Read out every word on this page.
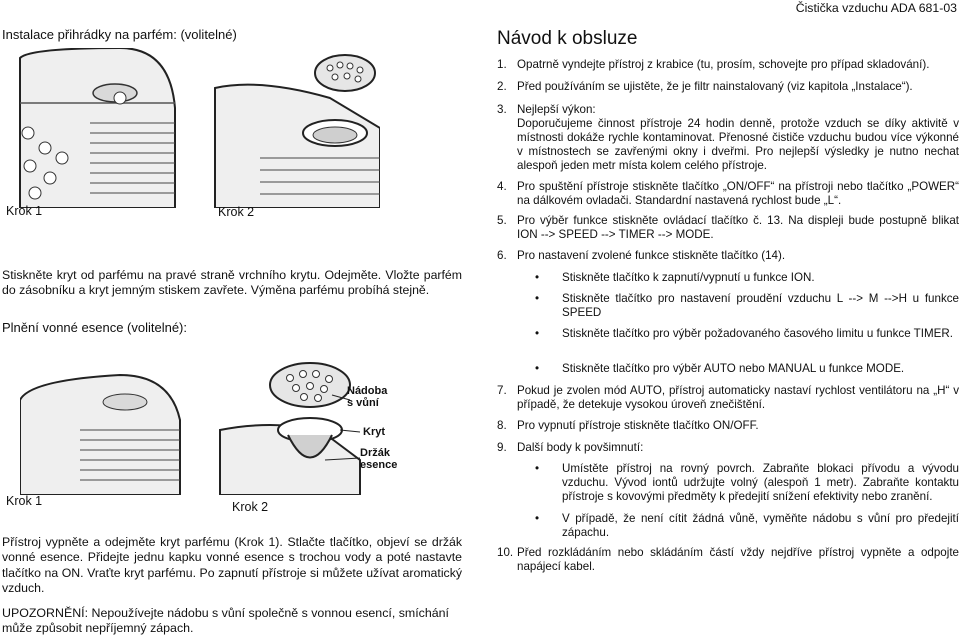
Instalace přihrádky na parfém: (volitelné)
Krok 1	Krok 2
Stiskněte kryt od parfému na pravé straně vrchního krytu. Odejměte. Vložte parfém do zásobníku a kryt jemným stiskem zavřete. Výměna parfému probíhá stejně.
Plnění vonné esence (volitelné):
Nádoba
s vůní
Kryt
Držák
esence
Krok 1	Krok 2
Přístroj vypněte a odejměte kryt parfému (Krok 1). Stlačte tlačítko, objeví se držák vonné esence. Přidejte jednu kapku vonné esence s trochou vody a poté nastavte tlačítko na ON. Vraťte kryt parfému. Po zapnutí přístroje si můžete užívat aromatický vzduch.
UPOZORNĚNÍ: Nepoužívejte nádobu s vůní společně s vonnou esencí, smíchání může způsobit nepříjemný zápach.
Čistička vzduchu ADA 681-03
Návod k obsluze
1. Opatrně vyndejte přístroj z krabice (tu, prosím, schovejte pro případ skladování).
2. Před používáním se ujistěte, že je filtr nainstalovaný (viz kapitola „Instalace“).
3. Nejlepší výkon:
Doporučujeme činnost přístroje 24 hodin denně, protože vzduch se díky aktivitě v místnosti dokáže rychle kontaminovat. Přenosné čističe vzduchu budou více výkonné v místnostech se zavřenými okny i dveřmi. Pro nejlepší výsledky je nutno nechat alespoň jeden metr místa kolem celého přístroje.
4. Pro spuštění přístroje stiskněte tlačítko „ON/OFF“ na přístroji nebo tlačítko „POWER“ na dálkovém ovladači. Standardní nastavená rychlost bude „L“.
5. Pro výběr funkce stiskněte ovládací tlačítko č. 13. Na displeji bude postupně blikat ION --> SPEED --> TIMER --> MODE.
6. Pro nastavení zvolené funkce stiskněte tlačítko (14).
• Stiskněte tlačítko k zapnutí/vypnutí u funkce ION.
• Stiskněte tlačítko pro nastavení proudění vzduchu L --> M -->H u funkce SPEED
• Stiskněte tlačítko pro výběr požadovaného časového limitu u funkce TIMER.
• Stiskněte tlačítko pro výběr AUTO nebo MANUAL u funkce MODE.
7. Pokud je zvolen mód AUTO, přístroj automaticky nastaví rychlost ventilátoru na „H“ v případě, že detekuje vysokou úroveň znečištění.
8. Pro vypnutí přístroje stiskněte tlačítko ON/OFF.
9. Další body k povšimnutí:
• Umístěte přístroj na rovný povrch. Zabraňte blokaci přívodu a vývodu vzduchu. Vývod iontů udržujte volný (alespoň 1 metr). Zabraňte kontaktu přístroje s kovovými předměty k předejití snížení efektivity nebo zranění.
• V případě, že není cítit žádná vůně, vyměňte nádobu s vůní pro předejití zápachu.
10. Před rozkládáním nebo skládáním částí vždy nejdříve přístroj vypněte a odpojte napájecí kabel.
